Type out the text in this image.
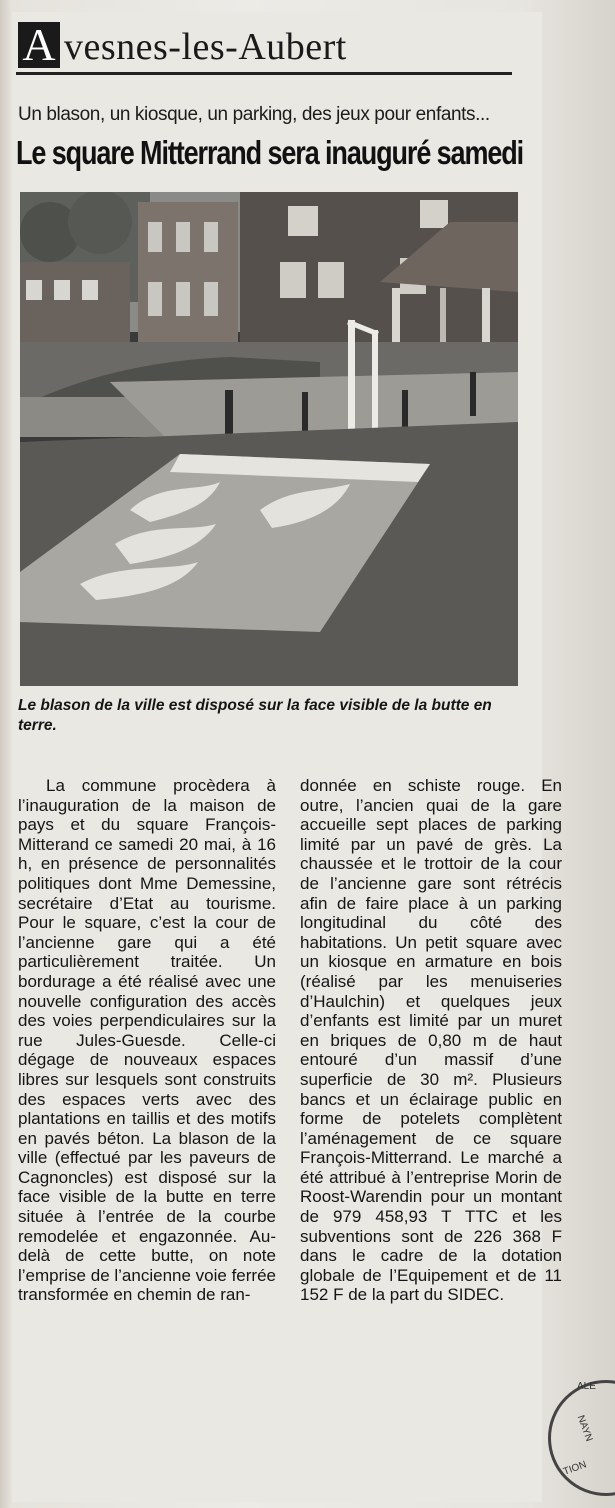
A vesnes-les-Aubert
Un blason, un kiosque, un parking, des jeux pour enfants...
Le square Mitterrand sera inauguré samedi
Le blason de la ville est disposé sur la face visible de la butte en terre.
La commune procèdera à l’inauguration de la maison de pays et du square François-Mitterand ce samedi 20 mai, à 16 h, en présence de personnalités politiques dont Mme Demessine, secrétaire d’Etat au tourisme. Pour le square, c’est la cour de l’ancienne gare qui a été particulièrement traitée. Un bordurage a été réalisé avec une nouvelle configuration des accès des voies perpendiculaires sur la rue Jules-Guesde. Celle-ci dégage de nouveaux espaces libres sur lesquels sont construits des espaces verts avec des plantations en taillis et des motifs en pavés béton. La blason de la ville (effectué par les paveurs de Cagnoncles) est disposé sur la face visible de la butte en terre située à l’entrée de la courbe remodelée et engazonnée. Au-delà de cette butte, on note l’emprise de l’ancienne voie ferrée transformée en chemin de ran-
donnée en schiste rouge. En outre, l’ancien quai de la gare accueille sept places de parking limité par un pavé de grès. La chaussée et le trottoir de la cour de l’ancienne gare sont rétrécis afin de faire place à un parking longitudinal du côté des habitations. Un petit square avec un kiosque en armature en bois (réalisé par les menuiseries d’Haulchin) et quelques jeux d’enfants est limité par un muret en briques de 0,80 m de haut entouré d’un massif d’une superficie de 30 m². Plusieurs bancs et un éclairage public en forme de potelets complètent l’aménagement de ce square François-Mitterrand. Le marché a été attribué à l’entreprise Morin de Roost-Warendin pour un montant de 979 458,93 T TTC et les subventions sont de 226 368 F dans le cadre de la dotation globale de l’Equipement et de 11 152 F de la part du SIDEC.
ALE
NAYN
TION
